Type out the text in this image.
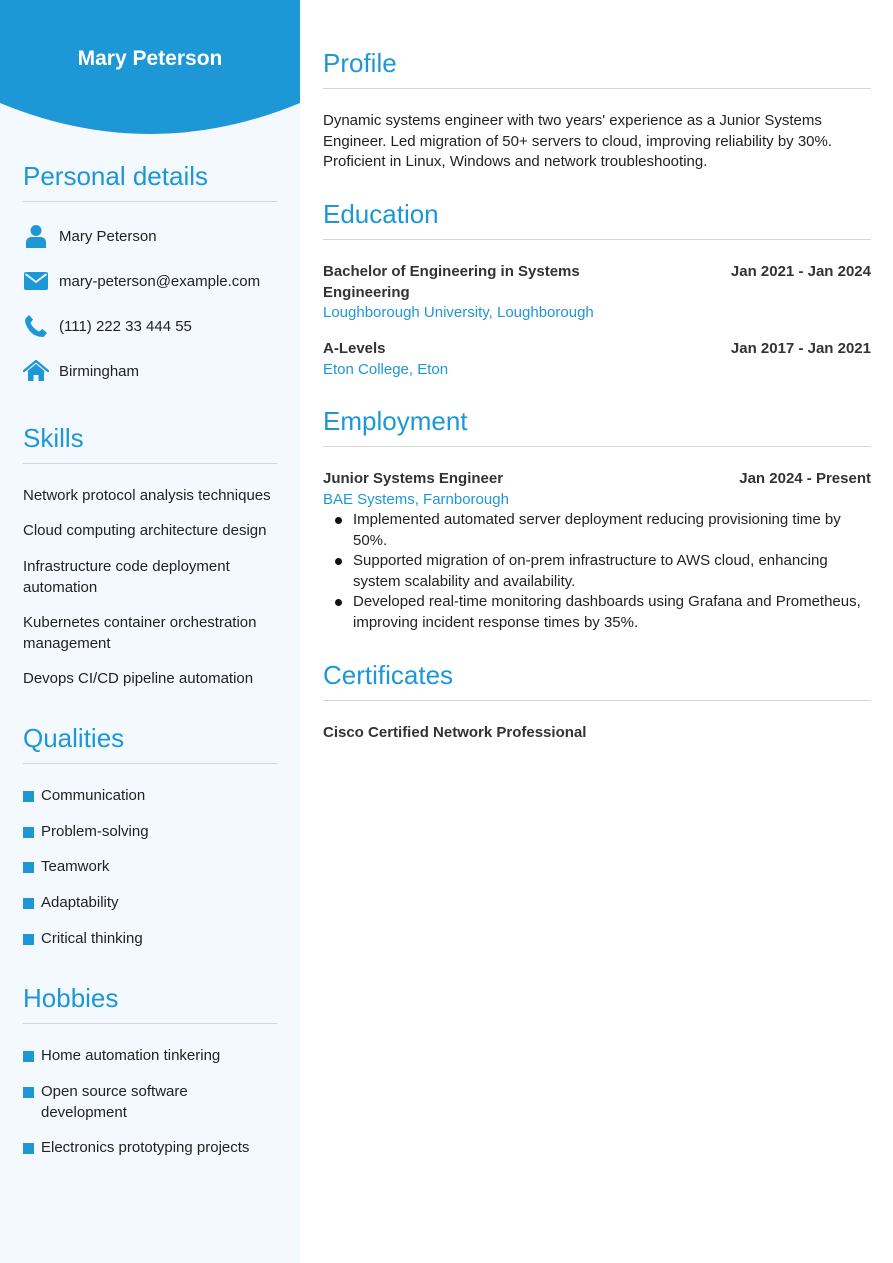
Mary Peterson
Personal details
Mary Peterson
mary-peterson@example.com
(111) 222 33 444 55
Birmingham
Skills
Network protocol analysis techniques
Cloud computing architecture design
Infrastructure code deployment automation
Kubernetes container orchestration management
Devops CI/CD pipeline automation
Qualities
Communication
Problem-solving
Teamwork
Adaptability
Critical thinking
Hobbies
Home automation tinkering
Open source software development
Electronics prototyping projects
Profile
Dynamic systems engineer with two years' experience as a Junior Systems Engineer. Led migration of 50+ servers to cloud, improving reliability by 30%. Proficient in Linux, Windows and network troubleshooting.
Education
Bachelor of Engineering in Systems Engineering
Jan 2021 - Jan 2024
Loughborough University, Loughborough
A-Levels	Jan 2017 - Jan 2021
Eton College, Eton
Employment
Junior Systems Engineer	Jan 2024 - Present
BAE Systems, Farnborough
Implemented automated server deployment reducing provisioning time by 50%.
Supported migration of on-prem infrastructure to AWS cloud, enhancing system scalability and availability.
Developed real-time monitoring dashboards using Grafana and Prometheus, improving incident response times by 35%.
Certificates
Cisco Certified Network Professional
